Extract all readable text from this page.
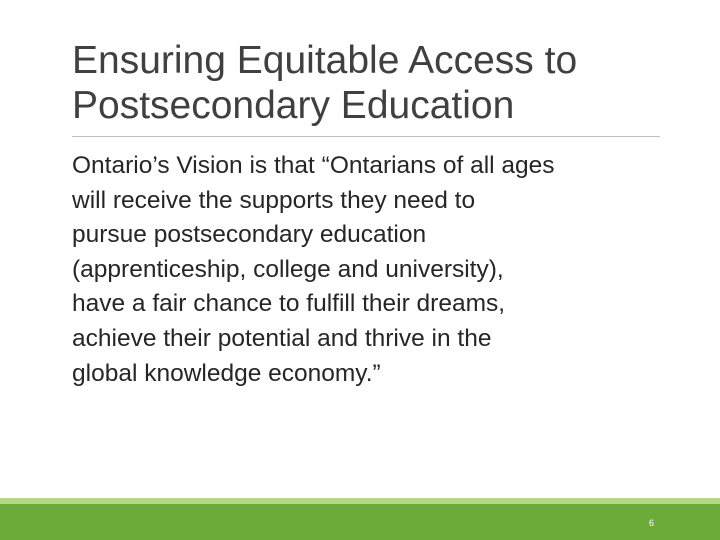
Ensuring Equitable Access to Postsecondary Education

Ontario’s Vision is that “Ontarians of all ages
will receive the supports they need to
pursue postsecondary education
(apprenticeship, college and university),
have a fair chance to fulfill their dreams,
achieve their potential and thrive in the
global knowledge economy.”

6
